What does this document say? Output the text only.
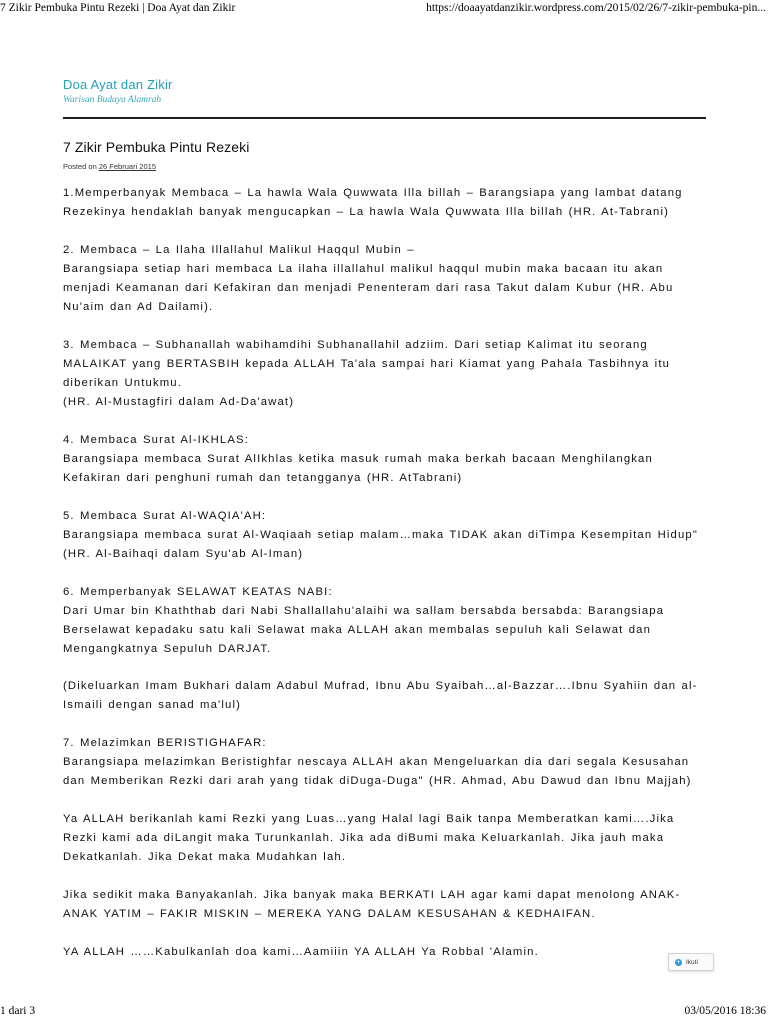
7 Zikir Pembuka Pintu Rezeki | Doa Ayat dan Zikir	https://doaayatdanzikir.wordpress.com/2015/02/26/7-zikir-pembuka-pin...
Doa Ayat dan Zikir
Warisan Budaya Alamrah
7 Zikir Pembuka Pintu Rezeki
Posted on 26 Februari 2015

1.Memperbanyak Membaca – La hawla Wala Quwwata Illa billah – Barangsiapa yang lambat datang Rezekinya hendaklah banyak mengucapkan – La hawla Wala Quwwata Illa billah (HR. At-Tabrani)

2. Membaca – La Ilaha Illallahul Malikul Haqqul Mubin –
Barangsiapa setiap hari membaca La ilaha illallahul malikul haqqul mubin maka bacaan itu akan menjadi Keamanan dari Kefakiran dan menjadi Penenteram dari rasa Takut dalam Kubur (HR. Abu Nu'aim dan Ad Dailami).

3. Membaca – Subhanallah wabihamdihi Subhanallahil adziim. Dari setiap Kalimat itu seorang MALAIKAT yang BERTASBIH kepada ALLAH Ta'ala sampai hari Kiamat yang Pahala Tasbihnya itu diberikan Untukmu.
(HR. Al-Mustagfiri dalam Ad-Da'awat)

4. Membaca Surat Al-IKHLAS:
Barangsiapa membaca Surat AlIkhlas ketika masuk rumah maka berkah bacaan Menghilangkan Kefakiran dari penghuni rumah dan tetangganya (HR. AtTabrani)

5. Membaca Surat Al-WAQIA'AH:
Barangsiapa membaca surat Al-Waqiaah setiap malam…maka TIDAK akan diTimpa Kesempitan Hidup" (HR. Al-Baihaqi dalam Syu'ab Al-Iman)

6. Memperbanyak SELAWAT KEATAS NABI:
Dari Umar bin Khaththab dari Nabi Shallallahu'alaihi wa sallam bersabda bersabda: Barangsiapa Berselawat kepadaku satu kali Selawat maka ALLAH akan membalas sepuluh kali Selawat dan Mengangkatnya Sepuluh DARJAT.

(Dikeluarkan Imam Bukhari dalam Adabul Mufrad, Ibnu Abu Syaibah…al-Bazzar….Ibnu Syahiin dan al-Ismaili dengan sanad ma'lul)

7. Melazimkan BERISTIGHAFAR:
Barangsiapa melazimkan Beristighfar nescaya ALLAH akan Mengeluarkan dia dari segala Kesusahan dan Memberikan Rezki dari arah yang tidak diDuga-Duga" (HR. Ahmad, Abu Dawud dan Ibnu Majjah)

Ya ALLAH berikanlah kami Rezki yang Luas…yang Halal lagi Baik tanpa Memberatkan kami….Jika Rezki kami ada diLangit maka Turunkanlah. Jika ada diBumi maka Keluarkanlah. Jika jauh maka Dekatkanlah. Jika Dekat maka Mudahkan lah.

Jika sedikit maka Banyakanlah. Jika banyak maka BERKATI LAH agar kami dapat menolong ANAK-ANAK YATIM – FAKIR MISKIN – MEREKA YANG DALAM KESUSAHAN & KEDHAIFAN.

YA ALLAH ……Kabulkanlah doa kami…Aamiiin YA ALLAH Ya Robbal 'Alamin.

+ Ikuti
1 dari 3	03/05/2016 18:36
